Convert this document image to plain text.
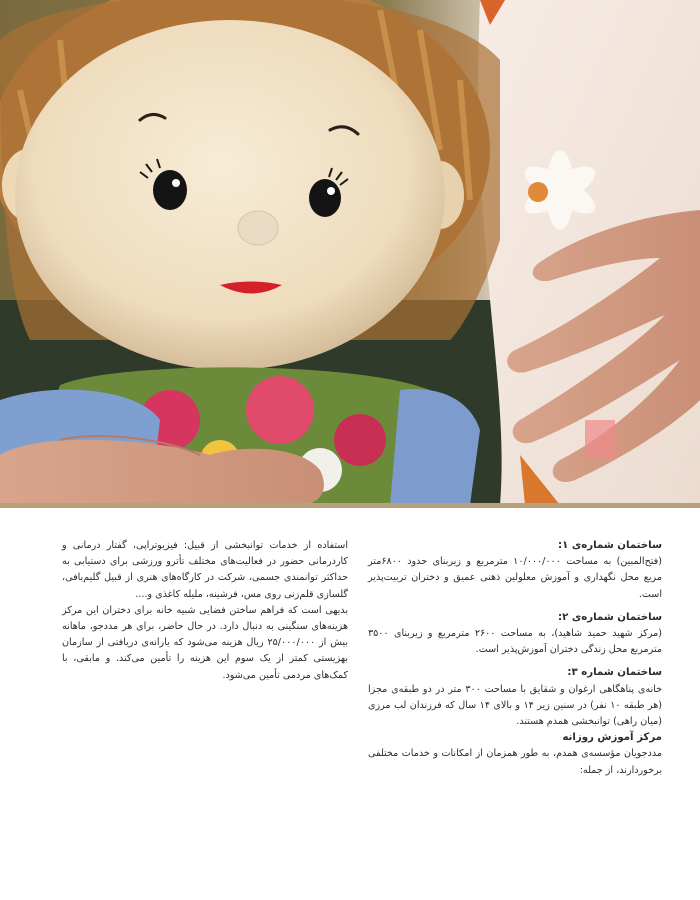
ساختمان شماره‌ی ۱:
(فتح‌المبین) به مساحت ۱۰/۰۰۰/۰۰۰ مترمربع و زیربنای حدود ۶۸۰۰متر مربع محل نگهداری و آموزش معلولین ذهنی عمیق و دختران تربیت‌پذیر است.
ساختمان شماره‌ی ۲:
(مرکز شهید حمید شاهید)، به مساحت ۲۶۰۰ مترمربع و زیربنای ۳۵۰۰ مترمربع محل زندگی دختران آموزش‌پذیر است.
ساختمان شماره ۳:
خانه‌ی پناهگاهی ارغوان و شقایق با مساحت ۳۰۰ متر در دو طبقه‌ی مجزا (هر طبقه ۱۰ نفر) در سنین زیر ۱۴ و بالای ۱۴ سال که فرزندان لب مرزی (میان راهی) توانبخشی همدم هستند.
مرکز آموزش روزانه
مددجویان مؤسسه‌ی همدم، به طور همزمان از امکانات و خدمات مختلفی برخوردارند، از جمله:
استفاده از خدمات توانبخشی از قبیل: فیزیوتراپی، گفتار درمانی و کاردرمانی حضور در فعالیت‌های مختلف تأترو ورزشی برای دستیابی به حداکثر توانمندی جسمی، شرکت در کارگاه‌های هنری از قبیل گلیم‌بافی، گلسازی قلم‌زنی روی مس، فرشینه، ملیله کاغذی و....
بدیهی است که فراهم ساختن فضایی شبیه خانه برای دختران این مرکز هزینه‌های سنگینی به دنبال دارد. در حال حاضر، برای هر مددجو، ماهانه بیش از ۲۵/۰۰۰/۰۰۰ ریال هزینه می‌شود که یارانه‌ی دریافتی از سازمان بهزیستی کمتر از یک سوم این هزینه را تأمین می‌کند. و مابقی، با کمک‌های مردمی تأمین می‌شود.
